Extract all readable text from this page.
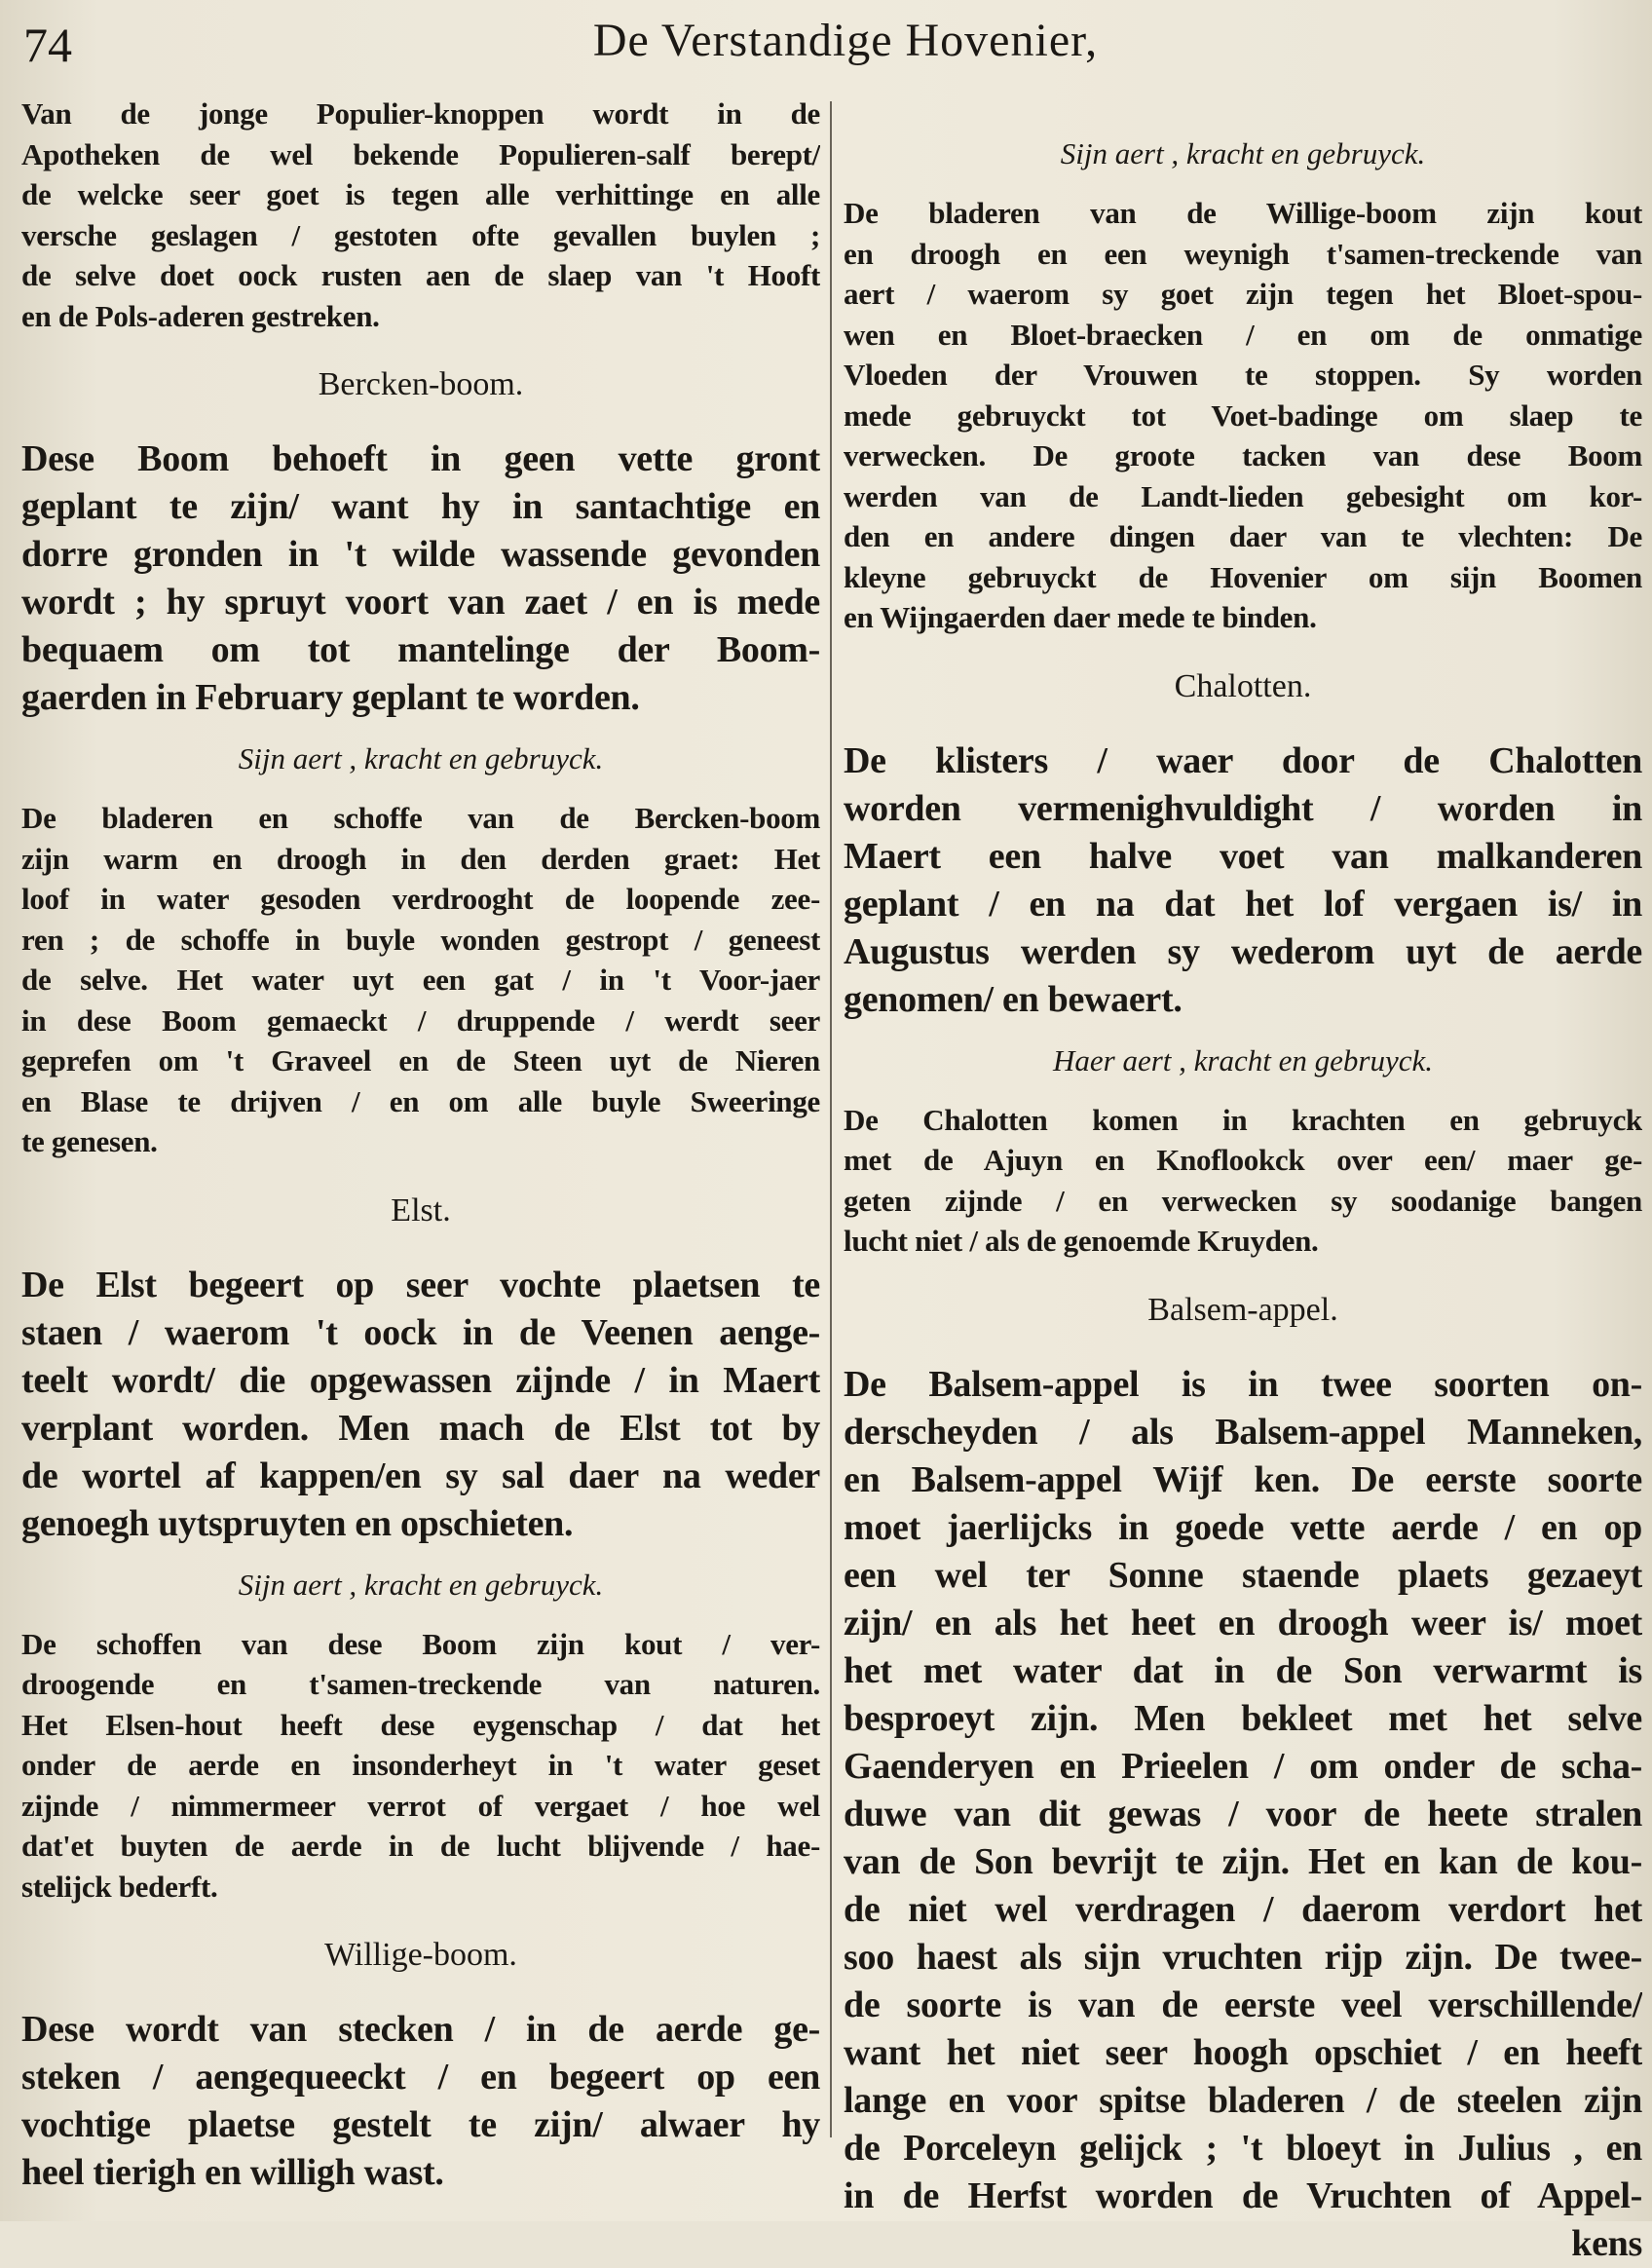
74	De Verstandige Hovenier,
Van de jonge Populier-knoppen wordt in de
Apotheken de wel bekende Populieren-salf berept/
de welcke seer goet is tegen alle verhittinge en alle
versche geslagen / gestoten ofte gevallen buylen ;
de selve doet oock rusten aen de slaep van 't Hooft
en de Pols-aderen gestreken.
Bercken-boom.
Dese Boom behoeft in geen vette gront
geplant te zijn/ want hy in santachtige en
dorre gronden in 't wilde wassende gevonden
wordt ; hy spruyt voort van zaet / en is mede
bequaem om tot mantelinge der Boom-
gaerden in February geplant te worden.
Sijn aert , kracht en gebruyck.
De bladeren en schoffe van de Bercken-boom
zijn warm en droogh in den derden graet: Het
loof in water gesoden verdrooght de loopende zee-
ren ; de schoffe in buyle wonden gestropt / geneest
de selve. Het water uyt een gat / in 't Voor-jaer
in dese Boom gemaeckt / druppende / werdt seer
geprefen om 't Graveel en de Steen uyt de Nieren
en Blase te drijven / en om alle buyle Sweeringe
te genesen.
Elst.
De Elst begeert op seer vochte plaetsen te
staen / waerom 't oock in de Veenen aenge-
teelt wordt/ die opgewassen zijnde / in Maert
verplant worden. Men mach de Elst tot by
de wortel af kappen/en sy sal daer na weder
genoegh uytspruyten en opschieten.
Sijn aert , kracht en gebruyck.
De schoffen van dese Boom zijn kout / ver-
droogende en t'samen-treckende van naturen.
Het Elsen-hout heeft dese eygenschap / dat het
onder de aerde en insonderheyt in 't water geset
zijnde / nimmermeer verrot of vergaet / hoe wel
dat'et buyten de aerde in de lucht blijvende / hae-
stelijck bederft.
Willige-boom.
Dese wordt van stecken / in de aerde ge-
steken / aengequeeckt / en begeert op een
vochtige plaetse gestelt te zijn/ alwaer hy
heel tierigh en willigh wast.
Sijn aert , kracht en gebruyck.
De bladeren van de Willige-boom zijn kout
en droogh en een weynigh t'samen-treckende van
aert / waerom sy goet zijn tegen het Bloet-spou-
wen en Bloet-braecken / en om de onmatige
Vloeden der Vrouwen te stoppen. Sy worden
mede gebruyckt tot Voet-badinge om slaep te
verwecken. De groote tacken van dese Boom
werden van de Landt-lieden gebesight om kor-
den en andere dingen daer van te vlechten: De
kleyne gebruyckt de Hovenier om sijn Boomen
en Wijngaerden daer mede te binden.
Chalotten.
De klisters / waer door de Chalotten
worden vermenighvuldight / worden in
Maert een halve voet van malkanderen
geplant / en na dat het lof vergaen is/ in
Augustus werden sy wederom uyt de aerde
genomen/ en bewaert.
Haer aert , kracht en gebruyck.
De Chalotten komen in krachten en gebruyck
met de Ajuyn en Knoflookck over een/ maer ge-
geten zijnde / en verwecken sy soodanige bangen
lucht niet / als de genoemde Kruyden.
Balsem-appel.
De Balsem-appel is in twee soorten on-
derscheyden / als Balsem-appel Manneken,
en Balsem-appel Wijf ken. De eerste soorte
moet jaerlijcks in goede vette aerde / en op
een wel ter Sonne staende plaets gezaeyt
zijn/ en als het heet en droogh weer is/ moet
het met water dat in de Son verwarmt is
besproeyt zijn. Men bekleet met het selve
Gaenderyen en Prieelen / om onder de scha-
duwe van dit gewas / voor de heete stralen
van de Son bevrijt te zijn. Het en kan de kou-
de niet wel verdragen / daerom verdort het
soo haest als sijn vruchten rijp zijn. De twee-
de soorte is van de eerste veel verschillende/
want het niet seer hoogh opschiet / en heeft
lange en voor spitse bladeren / de steelen zijn
de Porceleyn gelijck ; 't bloeyt in Julius , en
in de Herfst worden de Vruchten of Appel-
kens
